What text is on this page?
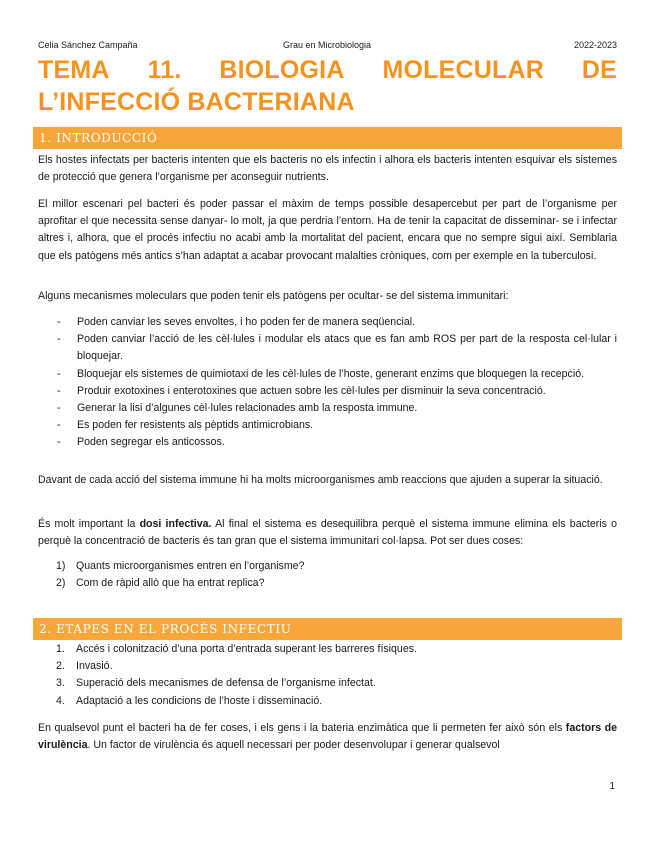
Celia Sánchez Campaña	Grau en Microbiologia	2022-2023
TEMA 11. BIOLOGIA MOLECULAR DE
L’INFECCIÓ BACTERIANA
1. INTRODUCCIÓ

Els hostes infectats per bacteris intenten que els bacteris no els infectin i alhora els bacteris intenten esquivar els sistemes de protecció que genera l’organisme per aconseguir nutrients.

El millor escenari pel bacteri és poder passar el màxim de temps possible desapercebut per part de l’organisme per aprofitar el que necessita sense danyar- lo molt, ja que perdria l’entorn. Ha de tenir la capacitat de disseminar- se i infectar altres i, alhora, que el procés infectiu no acabi amb la mortalitat del pacient, encara que no sempre sigui així. Semblaria que els patògens més antics s’han adaptat a acabar provocant malalties cròniques, com per exemple en la tuberculosi.

Alguns mecanismes moleculars que poden tenir els patògens per ocultar- se del sistema immunitari:

- Poden canviar les seves envoltes, i ho poden fer de manera seqüencial.
- Poden canviar l’acció de les cèl·lules i modular els atacs que es fan amb ROS per part de la resposta cel·lular i bloquejar.
- Bloquejar els sistemes de quimiotaxi de les cèl·lules de l’hoste, generant enzims que bloquegen la recepció.
- Produir exotoxines i enterotoxines que actuen sobre les cèl·lules per disminuir la seva concentració.
- Generar la lisi d’algunes cèl·lules relacionades amb la resposta immune.
- Es poden fer resistents als pèptids antimicrobians.
- Poden segregar els anticossos.

Davant de cada acció del sistema immune hi ha molts microorganismes amb reaccions que ajuden a superar la situació.

És molt important la dosi infectiva. Al final el sistema es desequilibra perquè el sistema immune elimina els bacteris o perquè la concentració de bacteris és tan gran que el sistema immunitari col·lapsa. Pot ser dues coses:

1) Quants microorganismes entren en l’organisme?
2) Com de ràpid allò que ha entrat replica?
2. ETAPES EN EL PROCÉS INFECTIU
1. Accés i colonització d’una porta d’entrada superant les barreres físiques.
2. Invasió.
3. Superació dels mecanismes de defensa de l’organisme infectat.
4. Adaptació a les condicions de l’hoste i disseminació.

En qualsevol punt el bacteri ha de fer coses, i els gens i la bateria enzimàtica que li permeten fer això són els factors de virulència. Un factor de virulència és aquell necessari per poder desenvolupar i generar qualsevol

1
